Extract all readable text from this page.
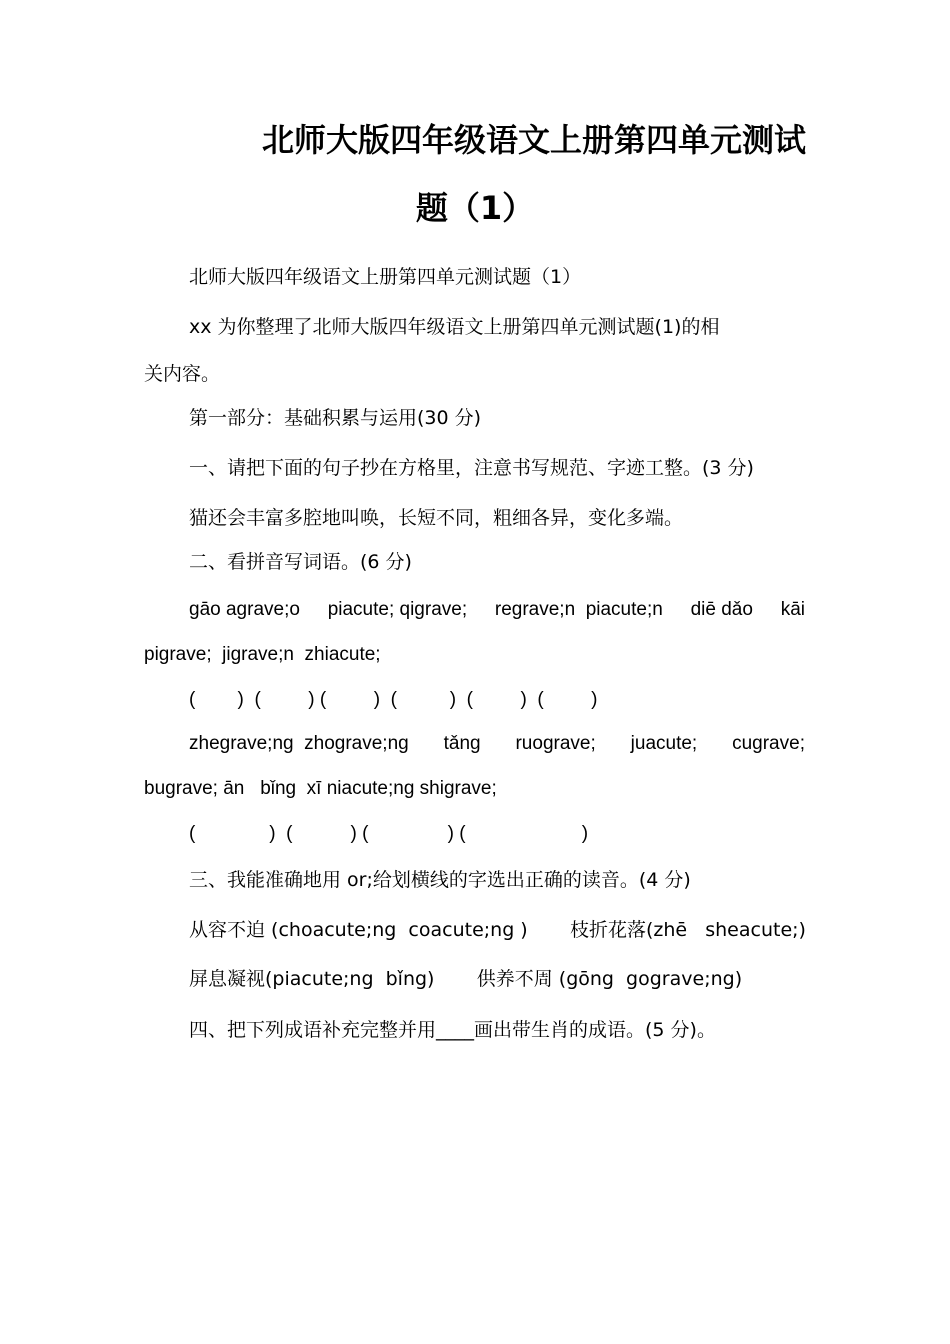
北师大版四年级语文上册第四单元测试
题（1）

北师大版四年级语文上册第四单元测试题（1）

xx 为你整理了北师大版四年级语文上册第四单元测试题(1)的相

关内容。

第一部分：基础积累与运用(30 分)

一、请把下面的句子抄在方格里，注意书写规范、字迹工整。(3 分)

猫还会丰富多腔地叫唤，长短不同，粗细各异，变化多端。

二、看拼音写词语。(6 分)

gāo agrave;o piacute; qigrave; regrave;n  piacute;n diē dǎo kāi

pigrave;  jigrave;n  zhiacute;

(        )  (         ) (         )  (          )  (         )  (         )

zhegrave;ng  zhograve;ng tǎng ruograve; juacute; cugrave;

bugrave; ān   bǐng  xī niacute;ng shigrave;

(              )  (           ) (               ) (                      )

三、我能准确地用 or;给划横线的字选出正确的读音。(4 分)

从容不迫 (choacute;ng  coacute;ng )       枝折花落(zhē   sheacute;)

屏息凝视(piacute;ng  bǐng)       供养不周 (gōng  gograve;ng)

四、把下列成语补充完整并用____画出带生肖的成语。(5 分)。
